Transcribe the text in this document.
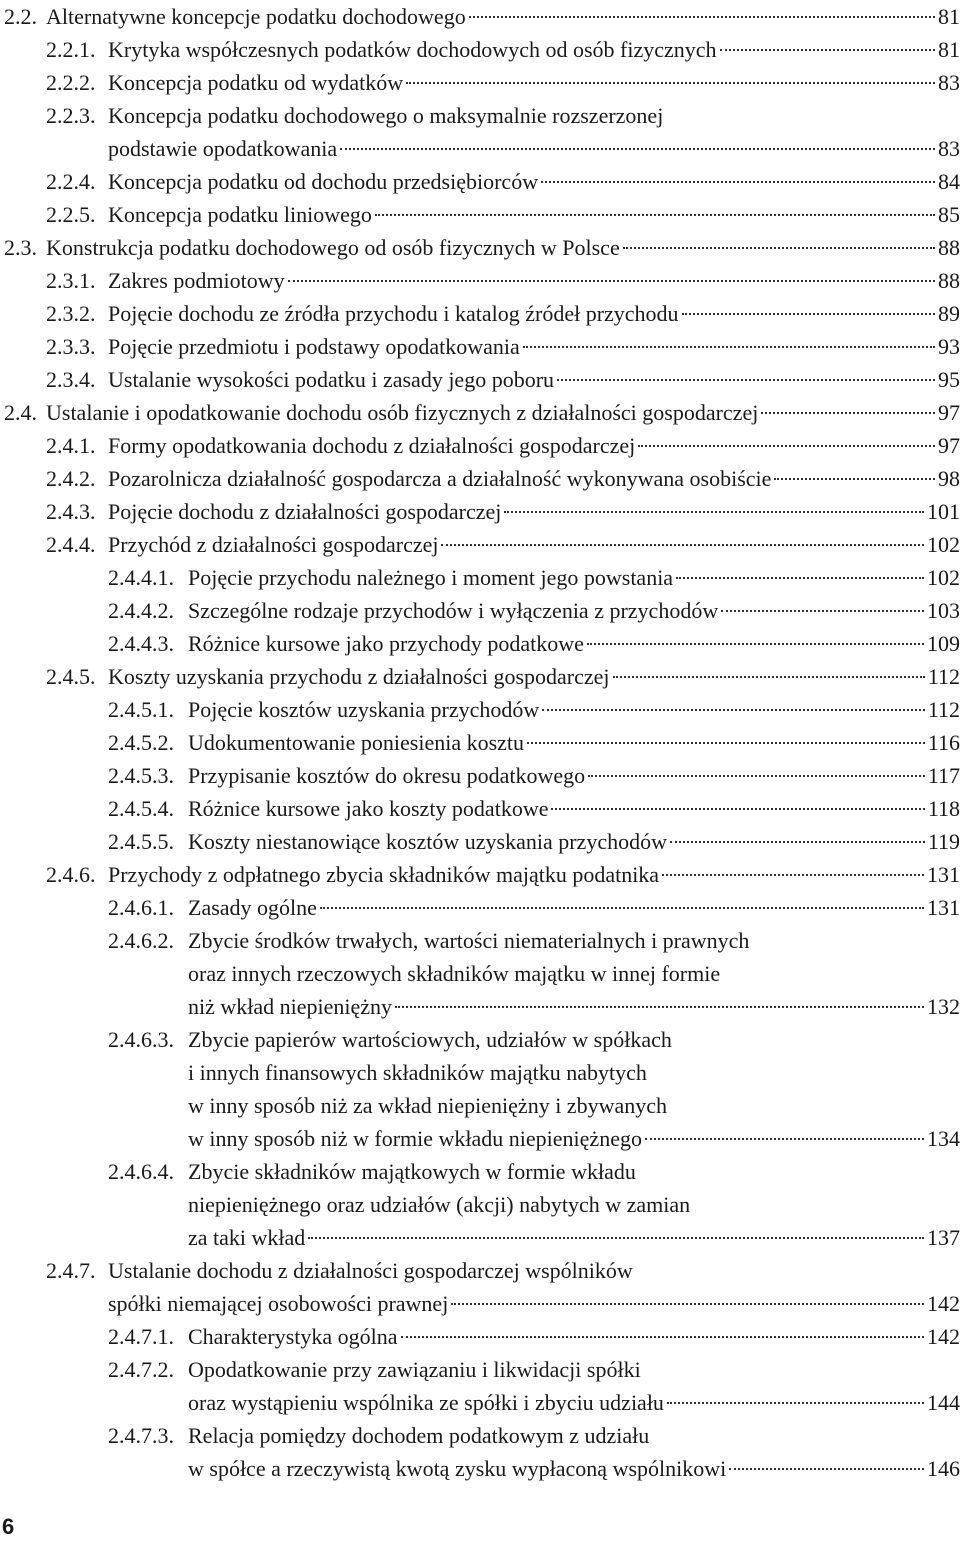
2.2. Alternatywne koncepcje podatku dochodowego	81
2.2.1. Krytyka współczesnych podatków dochodowych od osób fizycznych	81
2.2.2. Koncepcja podatku od wydatków	83
2.2.3. Koncepcja podatku dochodowego o maksymalnie rozszerzonej
podstawie opodatkowania	83
2.2.4. Koncepcja podatku od dochodu przedsiębiorców	84
2.2.5. Koncepcja podatku liniowego	85
2.3. Konstrukcja podatku dochodowego od osób fizycznych w Polsce	88
2.3.1. Zakres podmiotowy	88
2.3.2. Pojęcie dochodu ze źródła przychodu i katalog źródeł przychodu	89
2.3.3. Pojęcie przedmiotu i podstawy opodatkowania	93
2.3.4. Ustalanie wysokości podatku i zasady jego poboru	95
2.4. Ustalanie i opodatkowanie dochodu osób fizycznych z działalności gospodarczej	97
2.4.1. Formy opodatkowania dochodu z działalności gospodarczej	97
2.4.2. Pozarolnicza działalność gospodarcza a działalność wykonywana osobiście	98
2.4.3. Pojęcie dochodu z działalności gospodarczej	101
2.4.4. Przychód z działalności gospodarczej	102
2.4.4.1. Pojęcie przychodu należnego i moment jego powstania	102
2.4.4.2. Szczególne rodzaje przychodów i wyłączenia z przychodów	103
2.4.4.3. Różnice kursowe jako przychody podatkowe	109
2.4.5. Koszty uzyskania przychodu z działalności gospodarczej	112
2.4.5.1. Pojęcie kosztów uzyskania przychodów	112
2.4.5.2. Udokumentowanie poniesienia kosztu	116
2.4.5.3. Przypisanie kosztów do okresu podatkowego	117
2.4.5.4. Różnice kursowe jako koszty podatkowe	118
2.4.5.5. Koszty niestanowiące kosztów uzyskania przychodów	119
2.4.6. Przychody z odpłatnego zbycia składników majątku podatnika	131
2.4.6.1. Zasady ogólne	131
2.4.6.2. Zbycie środków trwałych, wartości niematerialnych i prawnych
oraz innych rzeczowych składników majątku w innej formie
niż wkład niepieniężny	132
2.4.6.3. Zbycie papierów wartościowych, udziałów w spółkach
i innych finansowych składników majątku nabytych
w inny sposób niż za wkład niepieniężny i zbywanych
w inny sposób niż w formie wkładu niepieniężnego	134
2.4.6.4. Zbycie składników majątkowych w formie wkładu
niepieniężnego oraz udziałów (akcji) nabytych w zamian
za taki wkład	137
2.4.7. Ustalanie dochodu z działalności gospodarczej wspólników
spółki niemającej osobowości prawnej	142
2.4.7.1. Charakterystyka ogólna	142
2.4.7.2. Opodatkowanie przy zawiązaniu i likwidacji spółki
oraz wystąpieniu wspólnika ze spółki i zbyciu udziału	144
2.4.7.3. Relacja pomiędzy dochodem podatkowym z udziału
w spółce a rzeczywistą kwotą zysku wypłaconą wspólnikowi	146
6
